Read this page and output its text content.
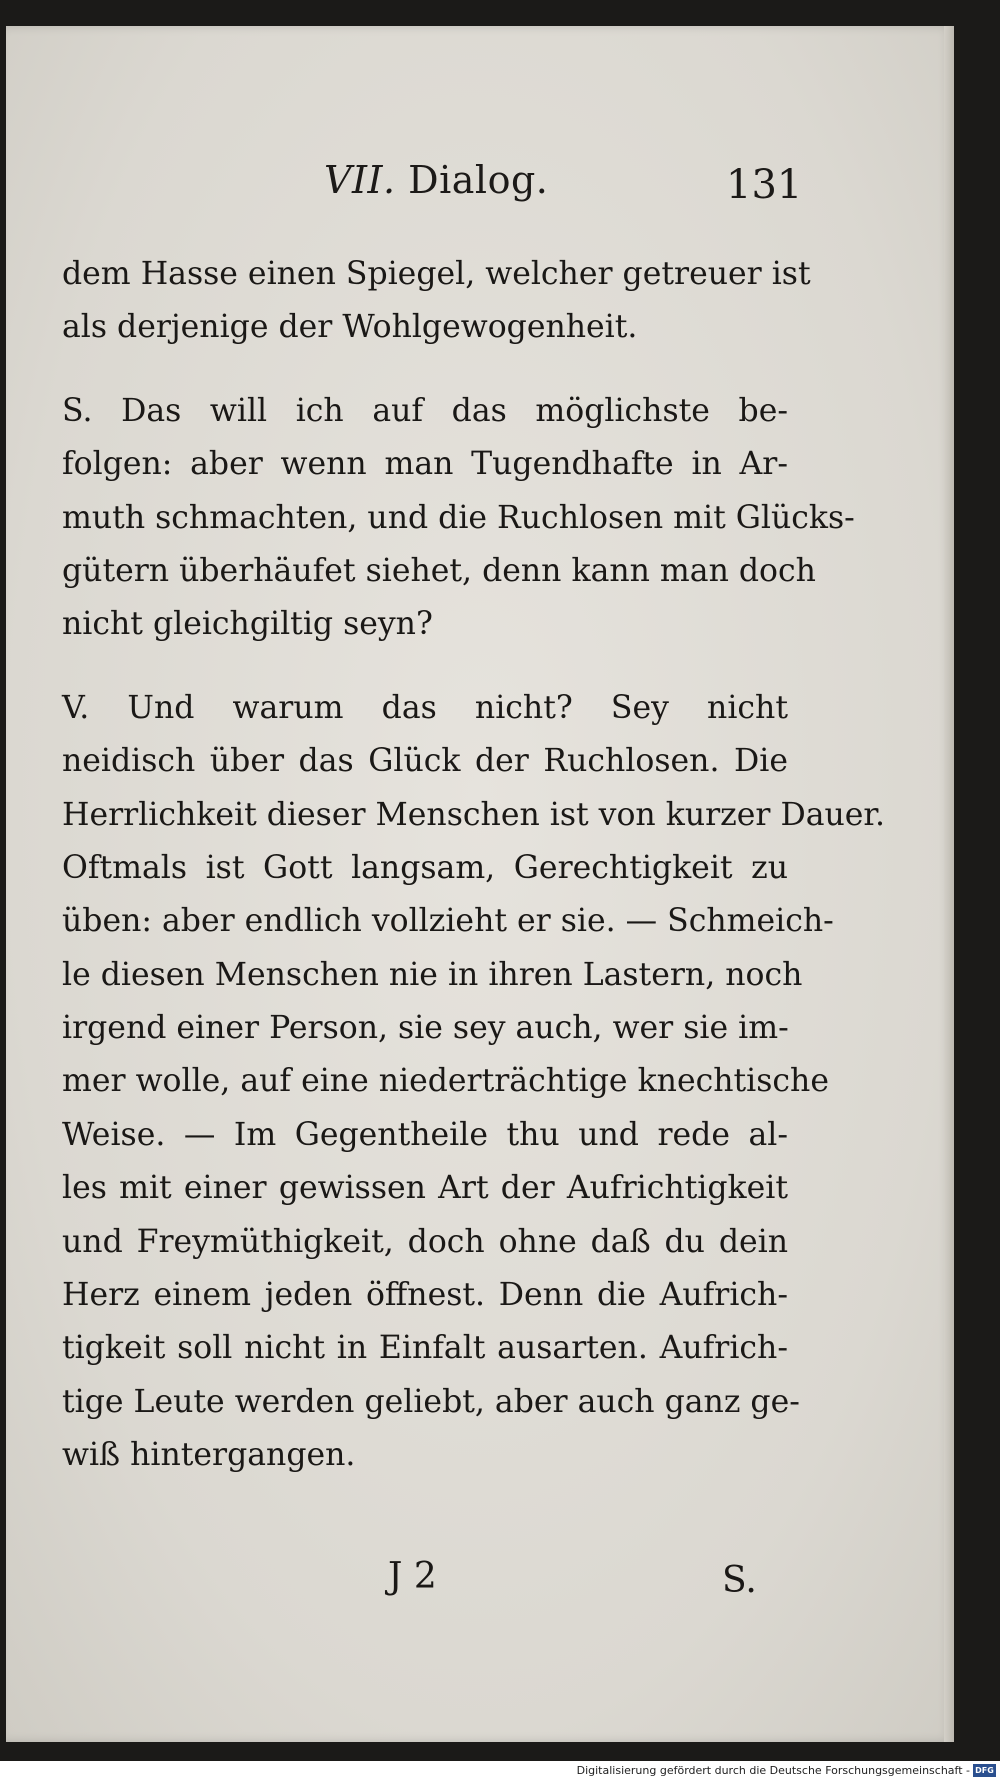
VII. Dialog.	131
dem Hasse einen Spiegel, welcher getreuer ist
als derjenige der Wohlgewogenheit.
S. Das will ich auf das möglichste be-
folgen: aber wenn man Tugendhafte in Ar-
muth schmachten, und die Ruchlosen mit Glücks-
gütern überhäufet siehet, denn kann man doch
nicht gleichgiltig seyn?
V. Und warum das nicht? Sey nicht
neidisch über das Glück der Ruchlosen. Die
Herrlichkeit dieser Menschen ist von kurzer Dauer.
Oftmals ist Gott langsam, Gerechtigkeit zu
üben: aber endlich vollzieht er sie. — Schmeich-
le diesen Menschen nie in ihren Lastern, noch
irgend einer Person, sie sey auch, wer sie im-
mer wolle, auf eine niederträchtige knechtische
Weise. — Im Gegentheile thu und rede al-
les mit einer gewissen Art der Aufrichtigkeit
und Freymüthigkeit, doch ohne daß du dein
Herz einem jeden öffnest. Denn die Aufrich-
tigkeit soll nicht in Einfalt ausarten. Aufrich-
tige Leute werden geliebt, aber auch ganz ge-
wiß hintergangen.
J 2	S.
Digitalisierung gefördert durch die Deutsche Forschungsgemeinschaft - DFG
